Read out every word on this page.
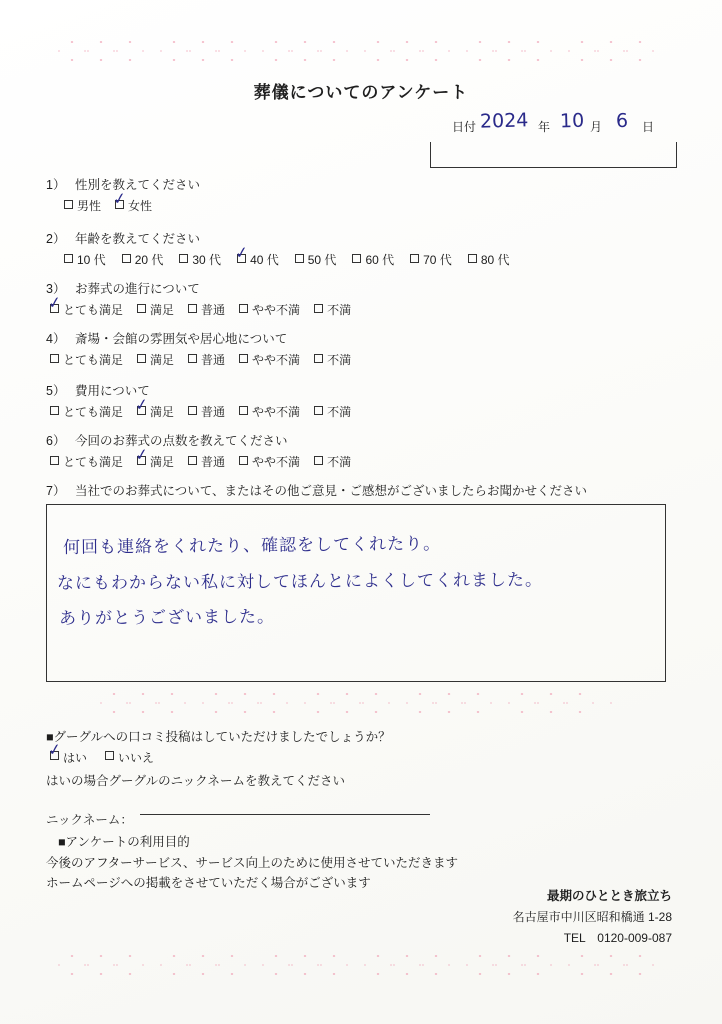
葬儀についてのアンケート
日付 2024 年 10 月 6 日
1） 性別を教えてください
男性 ✓ 女性
2） 年齢を教えてください
10 代	20 代	30 代 ✓ 40 代	50 代	60 代	70 代	80 代
3） お葬式の進行について
✓ とても満足	満足	普通	やや不満	不満
4） 斎場・会館の雰囲気や居心地について
とても満足	満足	普通	やや不満	不満
5） 費用について
とても満足 ✓ 満足	普通	やや不満	不満
6） 今回のお葬式の点数を教えてください
とても満足 ✓ 満足	普通	やや不満	不満
7） 当社でのお葬式について、またはその他ご意見・ご感想がございましたらお聞かせください
何回も連絡をくれたり、確認をしてくれたり。
なにもわからない私に対してほんとによくしてくれました。
ありがとうございました。
■グーグルへの口コミ投稿はしていただけましたでしょうか？
✓ はい	いいえ
はいの場合グーグルのニックネームを教えてください
ニックネーム：
■アンケートの利用目的
今後のアフターサービス、サービス向上のために使用させていただきます
ホームページへの掲載をさせていただく場合がございます
最期のひととき旅立ち
名古屋市中川区昭和橋通 1-28
TEL　0120-009-087
